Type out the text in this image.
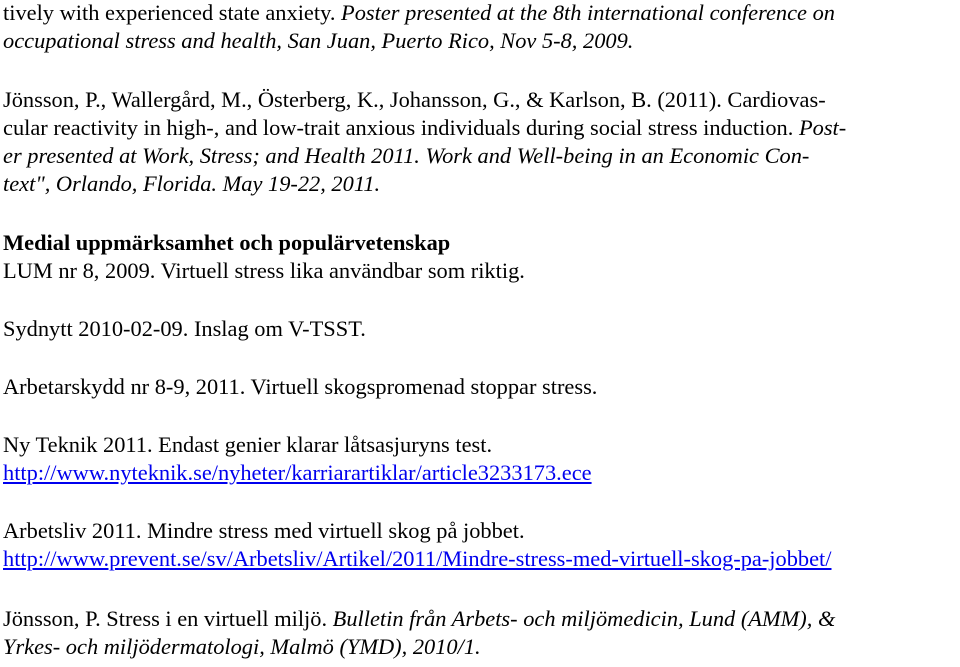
tively with experienced state anxiety. Poster presented at the 8th international conference on
occupational stress and health, San Juan, Puerto Rico, Nov 5-8, 2009.
Jönsson, P., Wallergård, M., Österberg, K., Johansson, G., & Karlson, B. (2011). Cardiovas-
cular reactivity in high-, and low-trait anxious individuals during social stress induction. Post-
er presented at Work, Stress; and Health 2011. Work and Well-being in an Economic Con-
text", Orlando, Florida. May 19-22, 2011.
Medial uppmärksamhet och populärvetenskap
LUM nr 8, 2009. Virtuell stress lika användbar som riktig.
Sydnytt 2010-02-09. Inslag om V-TSST.
Arbetarskydd nr 8-9, 2011. Virtuell skogspromenad stoppar stress.
Ny Teknik 2011. Endast genier klarar låtsasjuryns test.
http://www.nyteknik.se/nyheter/karriarartiklar/article3233173.ece
Arbetsliv 2011. Mindre stress med virtuell skog på jobbet.
http://www.prevent.se/sv/Arbetsliv/Artikel/2011/Mindre-stress-med-virtuell-skog-pa-jobbet/
Jönsson, P. Stress i en virtuell miljö. Bulletin från Arbets- och miljömedicin, Lund (AMM), &
Yrkes- och miljödermatologi, Malmö (YMD), 2010/1.
